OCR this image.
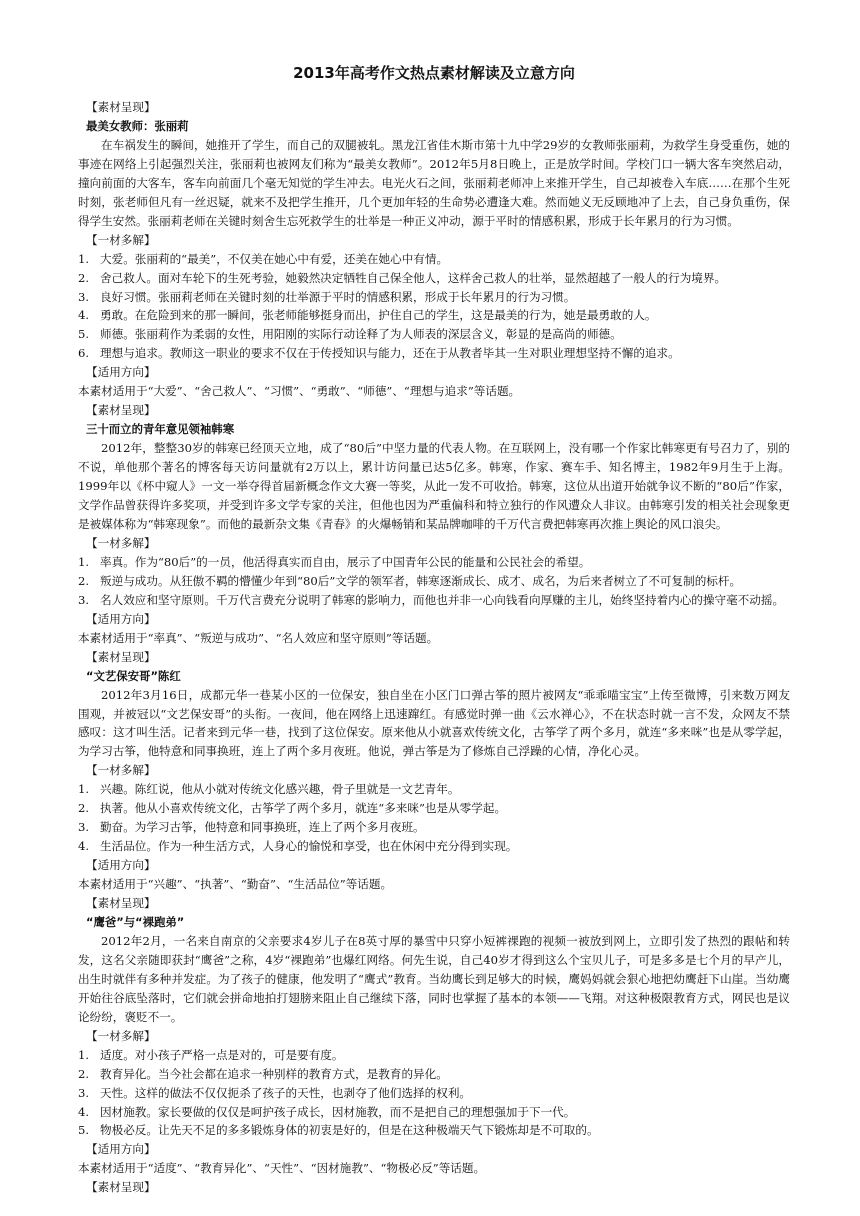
2013年高考作文热点素材解读及立意方向
【素材呈现】
最美女教师：张丽莉
在车祸发生的瞬间，她推开了学生，而自己的双腿被轧。黑龙江省佳木斯市第十九中学29岁的女教师张丽莉，为救学生身受重伤，她的事迹在网络上引起强烈关注，张丽莉也被网友们称为“最美女教师”。2012年5月8日晚上，正是放学时间。学校门口一辆大客车突然启动，撞向前面的大客车，客车向前面几个毫无知觉的学生冲去。电光火石之间，张丽莉老师冲上来推开学生，自己却被卷入车底……在那个生死时刻，张老师但凡有一丝迟疑，就来不及把学生推开，几个更加年轻的生命势必遭逢大难。然而她义无反顾地冲了上去，自己身负重伤，保得学生安然。张丽莉老师在关键时刻舍生忘死救学生的壮举是一种正义冲动，源于平时的情感积累，形成于长年累月的行为习惯。
【一材多解】
1. 大爱。张丽莉的“最美”，不仅美在她心中有爱，还美在她心中有情。
2. 舍己救人。面对车轮下的生死考验，她毅然决定牺牲自己保全他人，这样舍己救人的壮举，显然超越了一般人的行为境界。
3. 良好习惯。张丽莉老师在关键时刻的壮举源于平时的情感积累，形成于长年累月的行为习惯。
4. 勇敢。在危险到来的那一瞬间，张老师能够挺身而出，护住自己的学生，这是最美的行为，她是最勇敢的人。
5. 师德。张丽莉作为柔弱的女性，用阳刚的实际行动诠释了为人师表的深层含义，彰显的是高尚的师德。
6. 理想与追求。教师这一职业的要求不仅在于传授知识与能力，还在于从教者毕其一生对职业理想坚持不懈的追求。
【适用方向】
本素材适用于“大爱”、“舍己救人”、“习惯”、“勇敢”、“师德”、“理想与追求”等话题。
【素材呈现】
三十而立的青年意见领袖韩寒
2012年，整整30岁的韩寒已经顶天立地，成了“80后”中坚力量的代表人物。在互联网上，没有哪一个作家比韩寒更有号召力了，别的不说，单他那个著名的博客每天访问量就有2万以上，累计访问量已达5亿多。韩寒，作家、赛车手、知名博主，1982年9月生于上海。1999年以《杯中窥人》一文一举夺得首届新概念作文大赛一等奖，从此一发不可收拾。韩寒，这位从出道开始就争议不断的“80后”作家，文学作品曾获得许多奖项，并受到许多文学专家的关注，但他也因为严重偏科和特立独行的作风遭众人非议。由韩寒引发的相关社会现象更是被媒体称为“韩寒现象”。而他的最新杂文集《青春》的火爆畅销和某品牌咖啡的千万代言费把韩寒再次推上舆论的风口浪尖。
【一材多解】
1. 率真。作为“80后”的一员，他活得真实而自由，展示了中国青年公民的能量和公民社会的希望。
2. 叛逆与成功。从狂傲不羁的懵懂少年到“80后”文学的领军者，韩寒逐渐成长、成才、成名，为后来者树立了不可复制的标杆。
3. 名人效应和坚守原则。千万代言费充分说明了韩寒的影响力，而他也并非一心向钱看向厚赚的主儿，始终坚持着内心的操守毫不动摇。
【适用方向】
本素材适用于“率真”、“叛逆与成功”、“名人效应和坚守原则”等话题。
【素材呈现】
“文艺保安哥”陈红
2012年3月16日，成都元华一巷某小区的一位保安，独自坐在小区门口弹古筝的照片被网友“乖乖喵宝宝”上传至微博，引来数万网友围观，并被冠以“文艺保安哥”的头衔。一夜间，他在网络上迅速蹿红。有感觉时弹一曲《云水禅心》，不在状态时就一言不发，众网友不禁感叹：这才叫生活。记者来到元华一巷，找到了这位保安。原来他从小就喜欢传统文化，古筝学了两个多月，就连“多来咪”也是从零学起，为学习古筝，他特意和同事换班，连上了两个多月夜班。他说，弹古筝是为了修炼自己浮躁的心情，净化心灵。
【一材多解】
1. 兴趣。陈红说，他从小就对传统文化感兴趣，骨子里就是一文艺青年。
2. 执著。他从小喜欢传统文化，古筝学了两个多月，就连“多来咪”也是从零学起。
3. 勤奋。为学习古筝，他特意和同事换班，连上了两个多月夜班。
4. 生活品位。作为一种生活方式，人身心的愉悦和享受，也在休闲中充分得到实现。
【适用方向】
本素材适用于“兴趣”、“执著”、“勤奋”、“生活品位”等话题。
【素材呈现】
“鹰爸”与“裸跑弟”
2012年2月，一名来自南京的父亲要求4岁儿子在8英寸厚的暴雪中只穿小短裤裸跑的视频一被放到网上，立即引发了热烈的跟帖和转发，这名父亲随即获封“鹰爸”之称，4岁“裸跑弟”也爆红网络。何先生说，自己40岁才得到这么个宝贝儿子，可是多多是七个月的早产儿，出生时就伴有多种并发症。为了孩子的健康，他发明了“鹰式”教育。当幼鹰长到足够大的时候，鹰妈妈就会狠心地把幼鹰赶下山崖。当幼鹰开始往谷底坠落时，它们就会拼命地拍打翅膀来阻止自己继续下落，同时也掌握了基本的本领——飞翔。对这种极限教育方式，网民也是议论纷纷，褒贬不一。
【一材多解】
1. 适度。对小孩子严格一点是对的，可是要有度。
2. 教育异化。当今社会都在追求一种别样的教育方式，是教育的异化。
3. 天性。这样的做法不仅仅扼杀了孩子的天性，也剥夺了他们选择的权利。
4. 因材施教。家长要做的仅仅是呵护孩子成长，因材施教，而不是把自己的理想强加于下一代。
5. 物极必反。让先天不足的多多锻炼身体的初衷是好的，但是在这种极端天气下锻炼却是不可取的。
【适用方向】
本素材适用于“适度”、“教育异化”、“天性”、“因材施教”、“物极必反”等话题。
【素材呈现】
